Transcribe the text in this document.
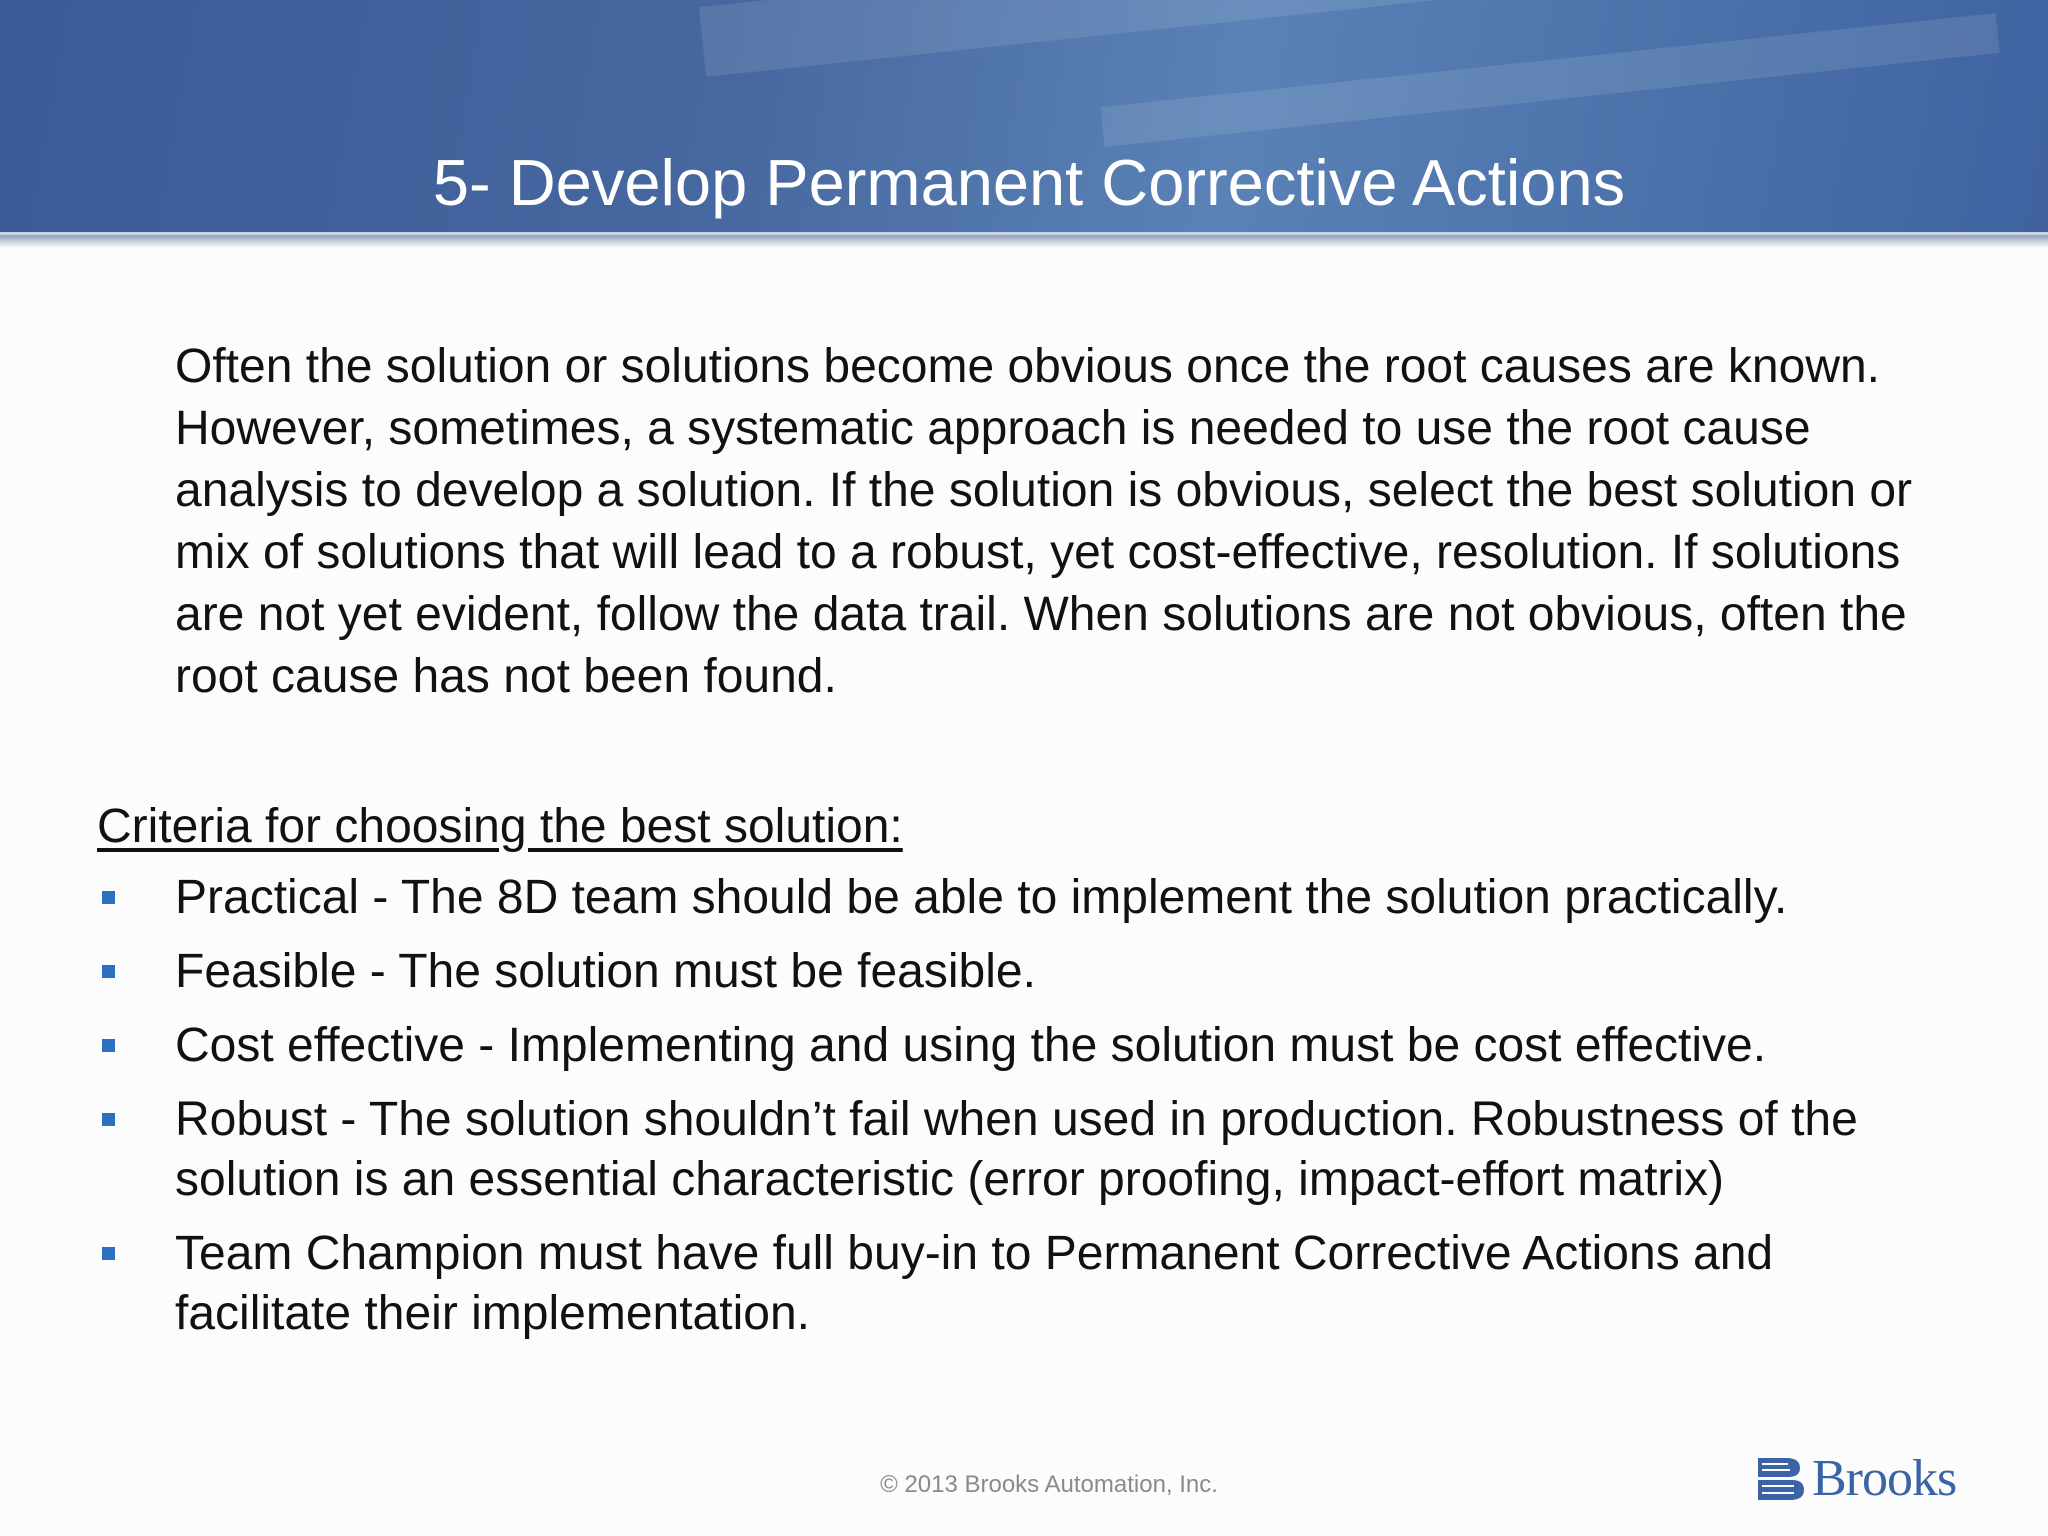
5- Develop Permanent Corrective Actions

Often the solution or solutions become obvious once the root causes are known. However, sometimes, a systematic approach is needed to use the root cause analysis to develop a solution. If the solution is obvious, select the best solution or mix of solutions that will lead to a robust, yet cost-effective, resolution. If solutions are not yet evident, follow the data trail. When solutions are not obvious, often the root cause has not been found.

Criteria for choosing the best solution:

Practical - The 8D team should be able to implement the solution practically.
Feasible - The solution must be feasible.
Cost effective - Implementing and using the solution must be cost effective.
Robust - The solution shouldn’t fail when used in production. Robustness of the solution is an essential characteristic (error proofing, impact-effort matrix)
Team Champion must have full buy-in to Permanent Corrective Actions and facilitate their implementation.
© 2013 Brooks Automation, Inc.	Brooks
